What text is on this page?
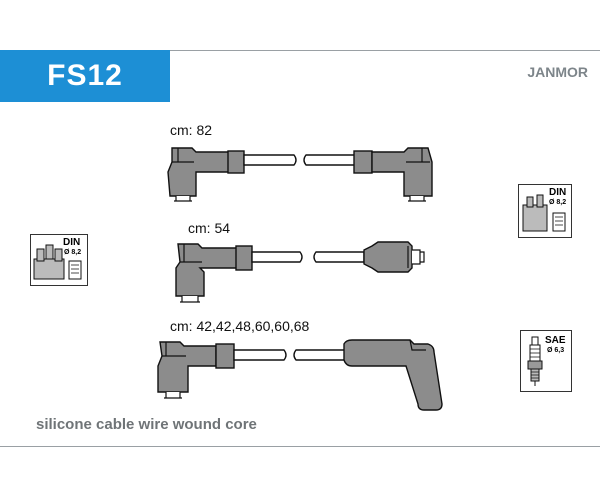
FS12	JANMOR
cm: 82
cm: 54
cm: 42,42,48,60,60,68
DIN
Ø 8,2
DIN
Ø 8,2
SAE
Ø 6,3
silicone cable wire wound core
